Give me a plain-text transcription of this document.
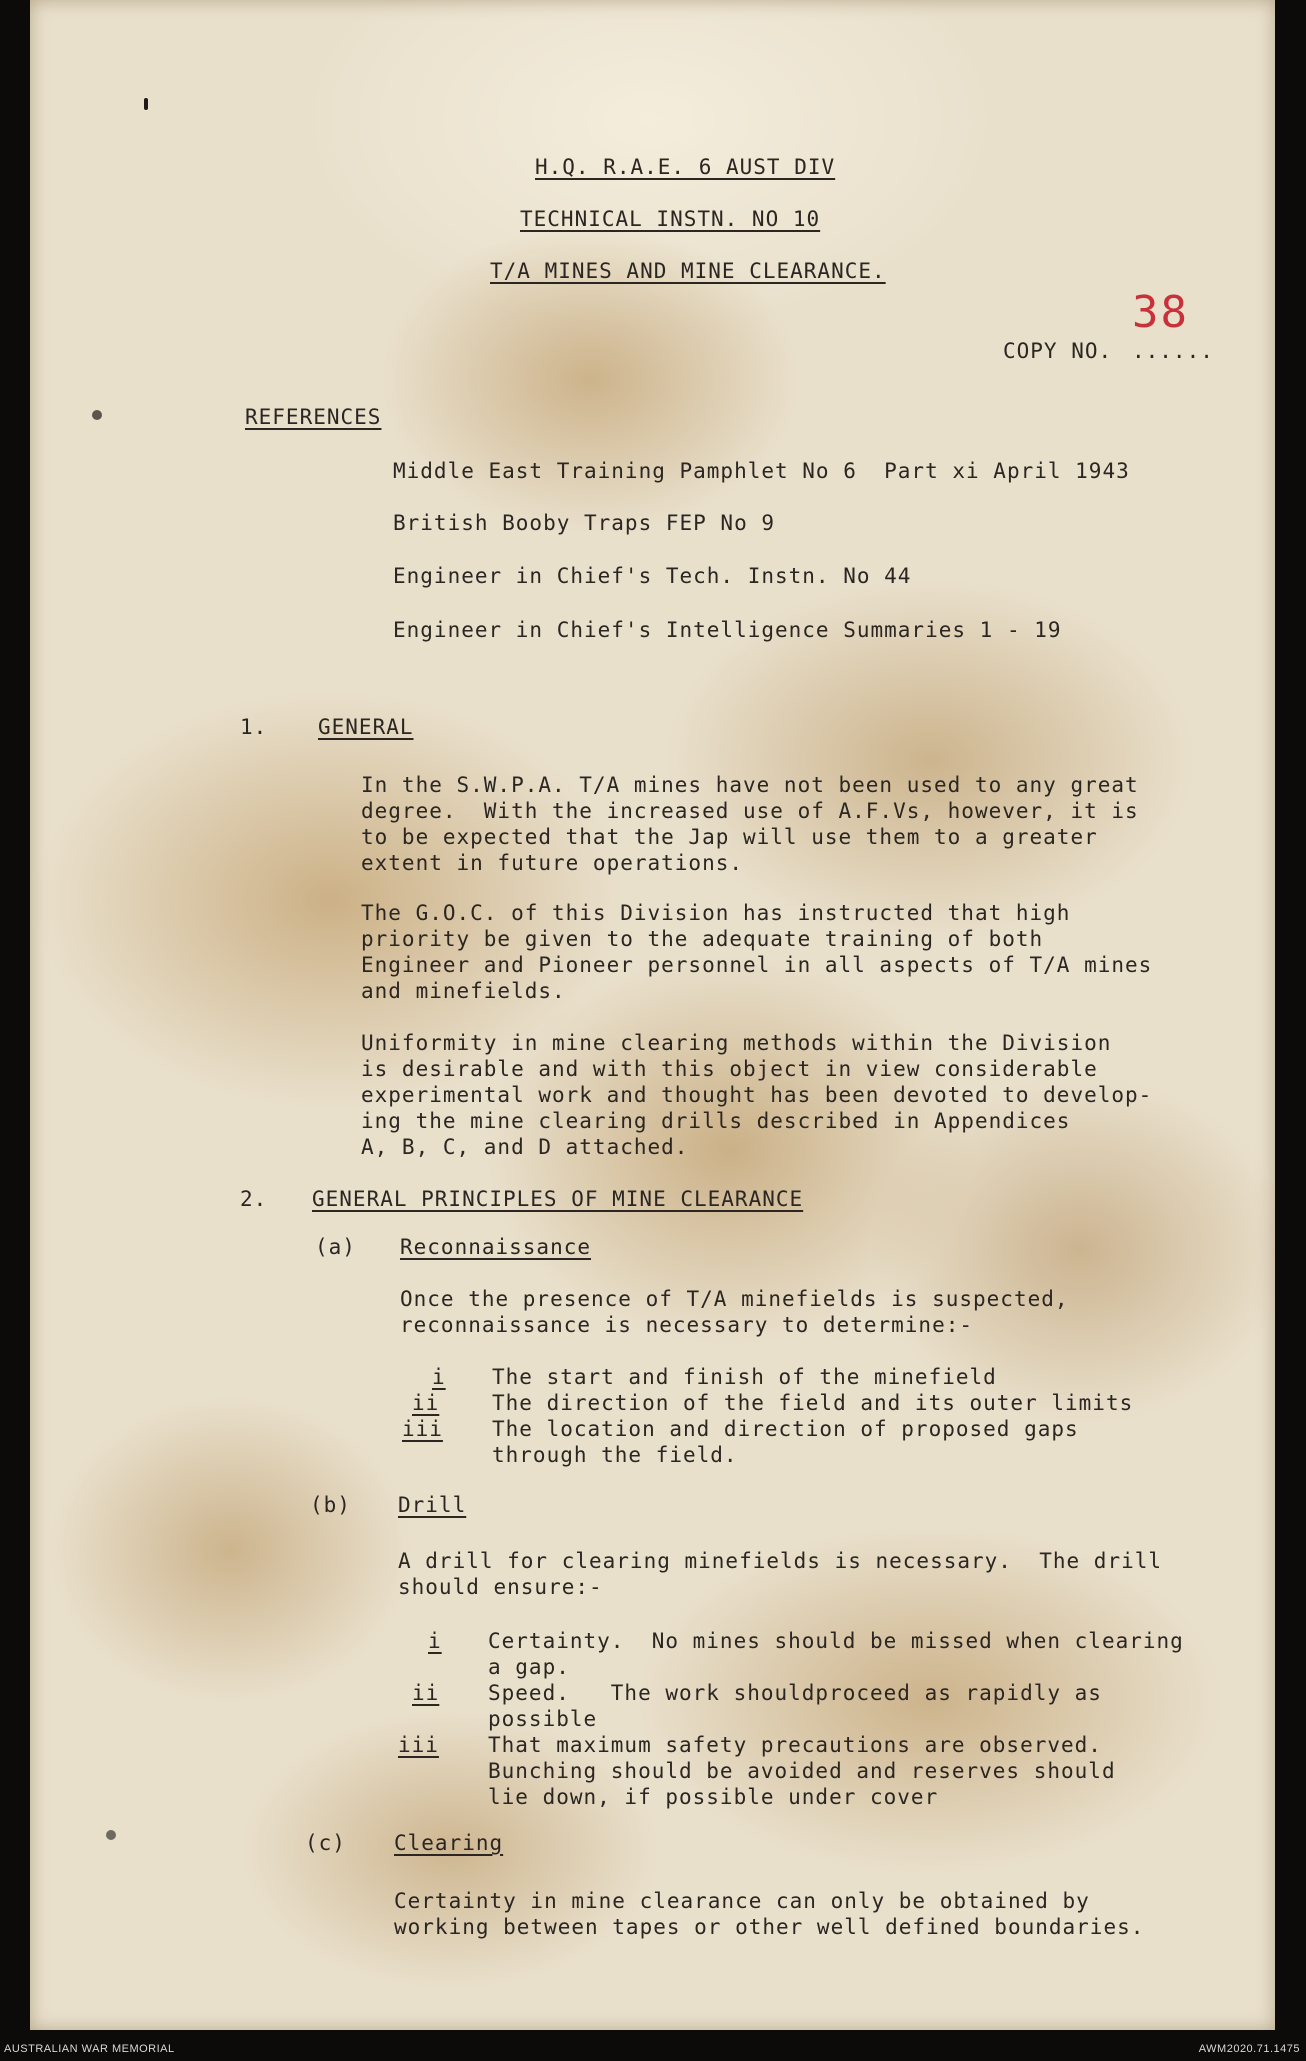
H.Q. R.A.E. 6 AUST DIV
TECHNICAL INSTN. NO 10
T/A MINES AND MINE CLEARANCE.
COPY NO.
38
......
REFERENCES
Middle East Training Pamphlet No 6  Part xi April 1943
British Booby Traps FEP No 9
Engineer in Chief's Tech. Instn. No 44
Engineer in Chief's Intelligence Summaries 1 - 19
1. GENERAL
In the S.W.P.A. T/A mines have not been used to any great
degree.  With the increased use of A.F.Vs, however, it is
to be expected that the Jap will use them to a greater
extent in future operations.
The G.O.C. of this Division has instructed that high
priority be given to the adequate training of both
Engineer and Pioneer personnel in all aspects of T/A mines
and minefields.
Uniformity in mine clearing methods within the Division
is desirable and with this object in view considerable
experimental work and thought has been devoted to develop-
ing the mine clearing drills described in Appendices
A, B, C, and D attached.
2. GENERAL PRINCIPLES OF MINE CLEARANCE
(a) Reconnaissance
Once the presence of T/A minefields is suspected,
reconnaissance is necessary to determine:-
i The start and finish of the minefield
ii	The direction of the field and its outer limits
iii The location and direction of proposed gaps
through the field.
(b) Drill
A drill for clearing minefields is necessary.  The drill
should ensure:-
i Certainty.  No mines should be missed when clearing
a gap.
ii Speed.   The work shouldproceed as rapidly as
possible
iii That maximum safety precautions are observed.
Bunching should be avoided and reserves should
lie down, if possible under cover
(c) Clearing
Certainty in mine clearance can only be obtained by
working between tapes or other well defined boundaries.
AUSTRALIAN WAR MEMORIAL	AWM2020.71.1475
